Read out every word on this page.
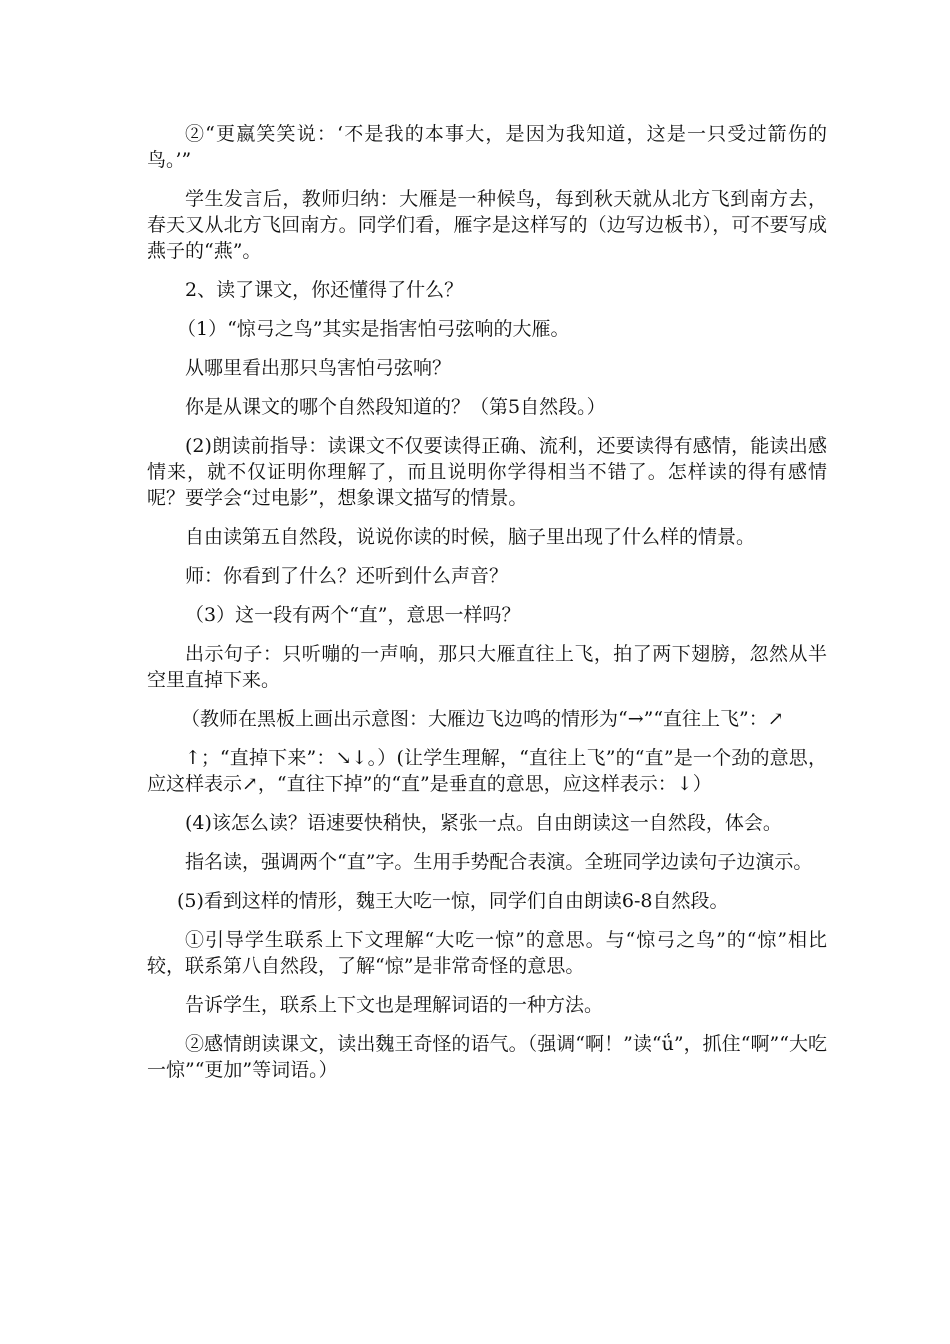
②“更嬴笑笑说：‘不是我的本事大，是因为我知道，这是一只受过箭伤的鸟。’”

学生发言后，教师归纳：大雁是一种候鸟，每到秋天就从北方飞到南方去，春天又从北方飞回南方。同学们看，雁字是这样写的（边写边板书），可不要写成燕子的“燕”。

2、读了课文，你还懂得了什么？

（1）“惊弓之鸟”其实是指害怕弓弦响的大雁。

从哪里看出那只鸟害怕弓弦响？

你是从课文的哪个自然段知道的？（第5自然段。）

(2)朗读前指导：读课文不仅要读得正确、流利，还要读得有感情，能读出感情来，就不仅证明你理解了，而且说明你学得相当不错了。怎样读的得有感情呢？要学会“过电影”，想象课文描写的情景。

自由读第五自然段，说说你读的时候，脑子里出现了什么样的情景。

师：你看到了什么？还听到什么声音？

（3）这一段有两个“直”，意思一样吗？

出示句子：只听嘣的一声响，那只大雁直往上飞，拍了两下翅膀，忽然从半空里直掉下来。

（教师在黑板上画出示意图：大雁边飞边鸣的情形为“→”“直往上飞”：↗

↑；“直掉下来”：↘↓。）(让学生理解，“直往上飞”的“直”是一个劲的意思，应这样表示↗，“直往下掉”的“直”是垂直的意思，应这样表示：↓）

(4)该怎么读？语速要快稍快，紧张一点。自由朗读这一自然段，体会。

指名读，强调两个“直”字。生用手势配合表演。全班同学边读句子边演示。

(5)看到这样的情形，魏王大吃一惊，同学们自由朗读6-8自然段。

①引导学生联系上下文理解“大吃一惊”的意思。与“惊弓之鸟”的“惊”相比较，联系第八自然段，了解“惊”是非常奇怪的意思。

告诉学生，联系上下文也是理解词语的一种方法。

②感情朗读课文，读出魏王奇怪的语气。（强调“啊！”读“ǘ”，抓住“啊”“大吃一惊”“更加”等词语。）
